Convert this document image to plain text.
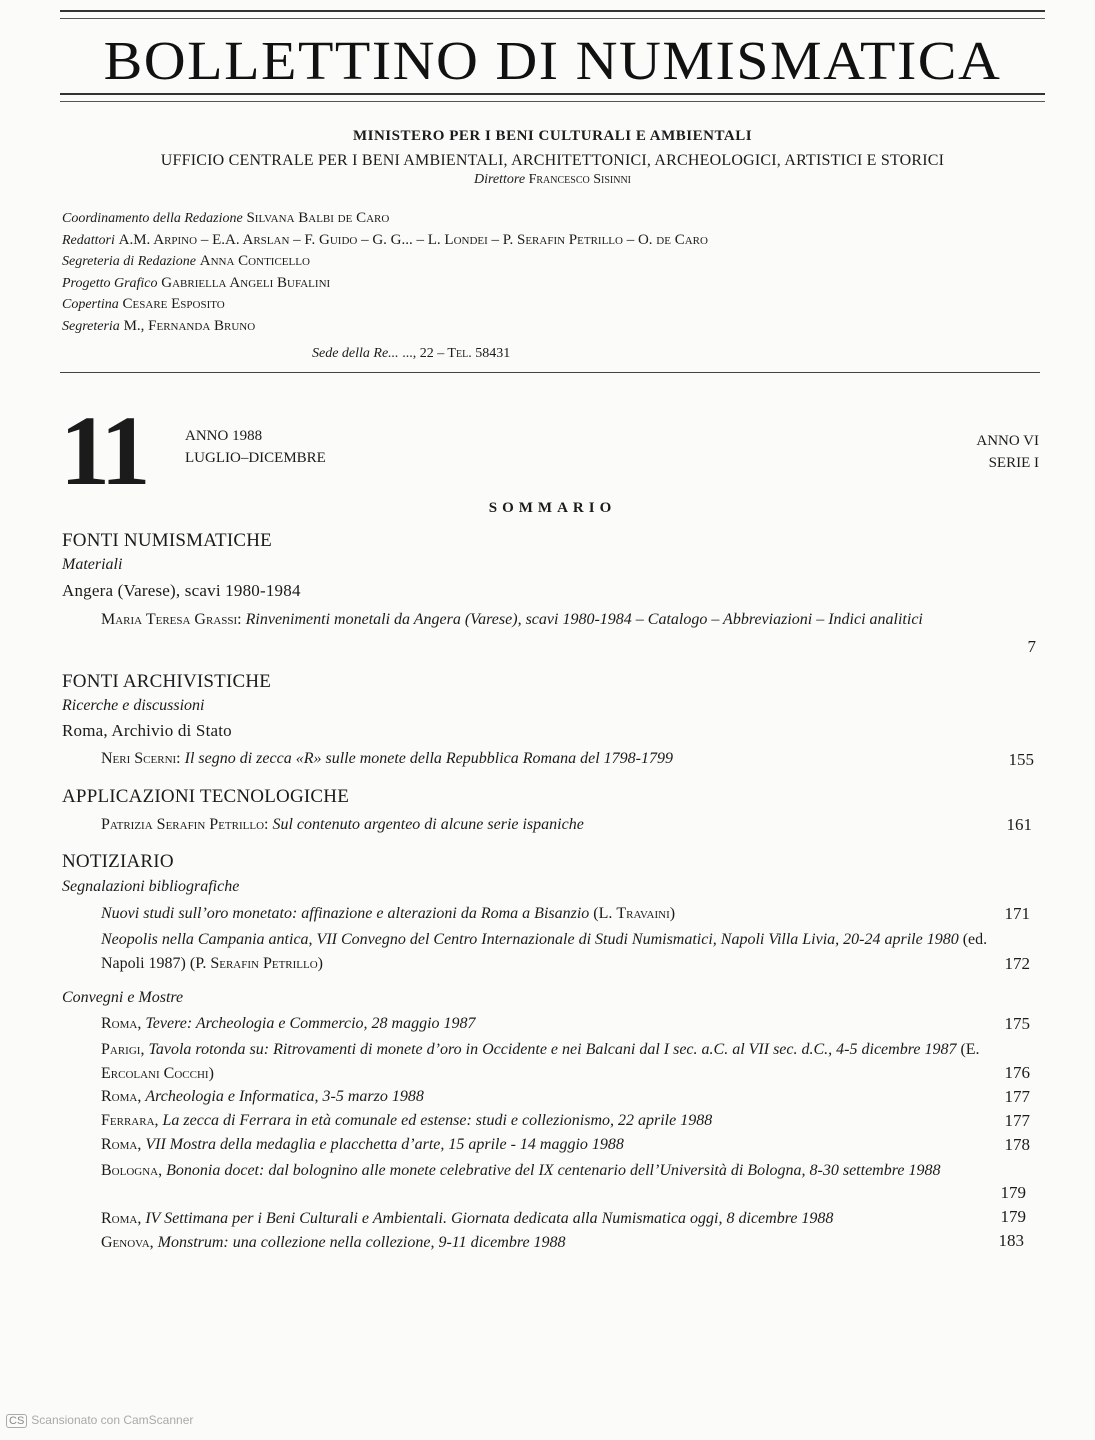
BOLLETTINO DI NUMISMATICA
MINISTERO PER I BENI CULTURALI E AMBIENTALI
UFFICIO CENTRALE PER I BENI AMBIENTALI, ARCHITETTONICI, ARCHEOLOGICI, ARTISTICI E STORICI
Direttore Francesco Sisinni
Coordinamento della Redazione Silvana Balbi de Caro
Redattori A.M. Arpino – E.A. Arslan – F. Guido – G. G... – L. Londei – P. Serafin Petrillo – O. de Caro
Segreteria di Redazione Anna Conticello
Progetto Grafico Gabriella Angeli Bufalini
Copertina Cesare Esposito
Segreteria M., Fernanda Bruno
Sede della Re... ..., 22 – Tel. 58431
11	ANNO 1988
LUGLIO–DICEMBRE
ANNO VI
SERIE I
SOMMARIO
FONTI NUMISMATICHE
Materiali
Angera (Varese), scavi 1980-1984
Maria Teresa Grassi: Rinvenimenti monetali da Angera (Varese), scavi 1980-1984 – Catalogo – Abbreviazioni – Indici analitici
7
FONTI ARCHIVISTICHE
Ricerche e discussioni
Roma, Archivio di Stato
Neri Scerni: Il segno di zecca «R» sulle monete della Repubblica Romana del 1798-1799	155
APPLICAZIONI TECNOLOGICHE
Patrizia Serafin Petrillo: Sul contenuto argenteo di alcune serie ispaniche	161
NOTIZIARIO
Segnalazioni bibliografiche
Nuovi studi sull’oro monetato: affinazione e alterazioni da Roma a Bisanzio (L. Travaini)	171
Neopolis nella Campania antica, VII Convegno del Centro Internazionale di Studi Numismatici, Napoli Villa Livia, 20-24 aprile 1980 (ed. Napoli 1987) (P. Serafin Petrillo)	172
Convegni e Mostre
Roma, Tevere: Archeologia e Commercio, 28 maggio 1987	175
Parigi, Tavola rotonda su: Ritrovamenti di monete d’oro in Occidente e nei Balcani dal I sec. a.C. al VII sec. d.C., 4-5 dicembre 1987 (E. Ercolani Cocchi)	176
Roma, Archeologia e Informatica, 3-5 marzo 1988	177
Ferrara, La zecca di Ferrara in età comunale ed estense: studi e collezionismo, 22 aprile 1988	177
Roma, VII Mostra della medaglia e placchetta d’arte, 15 aprile - 14 maggio 1988	178
Bologna, Bononia docet: dal bolognino alle monete celebrative del IX centenario dell’Università di Bologna, 8-30 settembre 1988
179
Roma, IV Settimana per i Beni Culturali e Ambientali. Giornata dedicata alla Numismatica oggi, 8 dicembre 1988	179
Genova, Monstrum: una collezione nella collezione, 9-11 dicembre 1988	183
CS Scansionato con CamScanner
